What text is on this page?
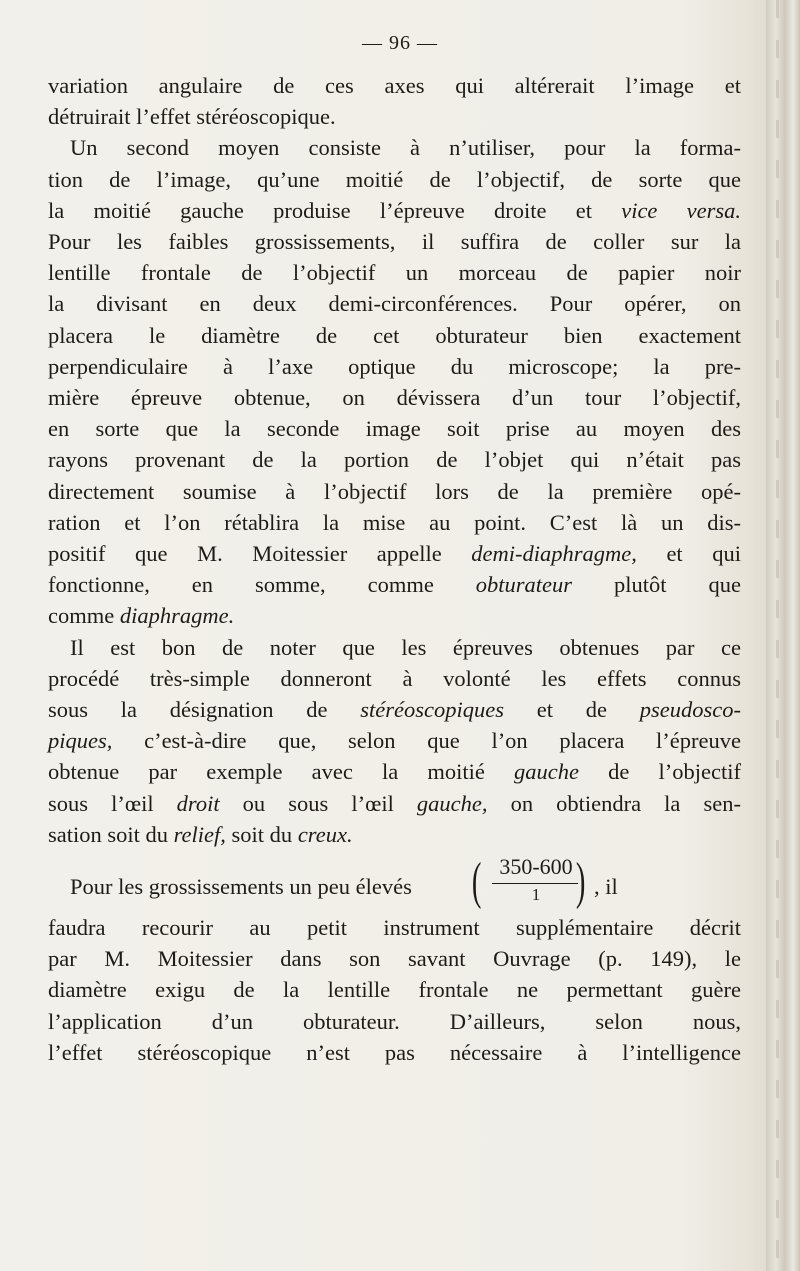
— 96 —
variation angulaire de ces axes qui altérerait l’image et
détruirait l’effet stéréoscopique.
Un second moyen consiste à n’utiliser, pour la forma-
tion de l’image, qu’une moitié de l’objectif, de sorte que
la moitié gauche produise l’épreuve droite et vice versa.
Pour les faibles grossissements, il suffira de coller sur la
lentille frontale de l’objectif un morceau de papier noir
la divisant en deux demi-circonférences. Pour opérer, on
placera le diamètre de cet obturateur bien exactement
perpendiculaire à l’axe optique du microscope; la pre-
mière épreuve obtenue, on dévissera d’un tour l’objectif,
en sorte que la seconde image soit prise au moyen des
rayons provenant de la portion de l’objet qui n’était pas
directement soumise à l’objectif lors de la première opé-
ration et l’on rétablira la mise au point. C’est là un dis-
positif que M. Moitessier appelle demi-diaphragme, et qui
fonctionne, en somme, comme obturateur plutôt que
comme diaphragme.
Il est bon de noter que les épreuves obtenues par ce
procédé très-simple donneront à volonté les effets connus
sous la désignation de stéréoscopiques et de pseudosco-
piques, c’est-à-dire que, selon que l’on placera l’épreuve
obtenue par exemple avec la moitié gauche de l’objectif
sous l’œil droit ou sous l’œil gauche, on obtiendra la sen-
sation soit du relief, soit du creux.
Pour les grossissements un peu élevés ( 350-600
1 ) , il
faudra recourir au petit instrument supplémentaire décrit
par M. Moitessier dans son savant Ouvrage (p. 149), le
diamètre exigu de la lentille frontale ne permettant guère
l’application d’un obturateur. D’ailleurs, selon nous,
l’effet stéréoscopique n’est pas nécessaire à l’intelligence
